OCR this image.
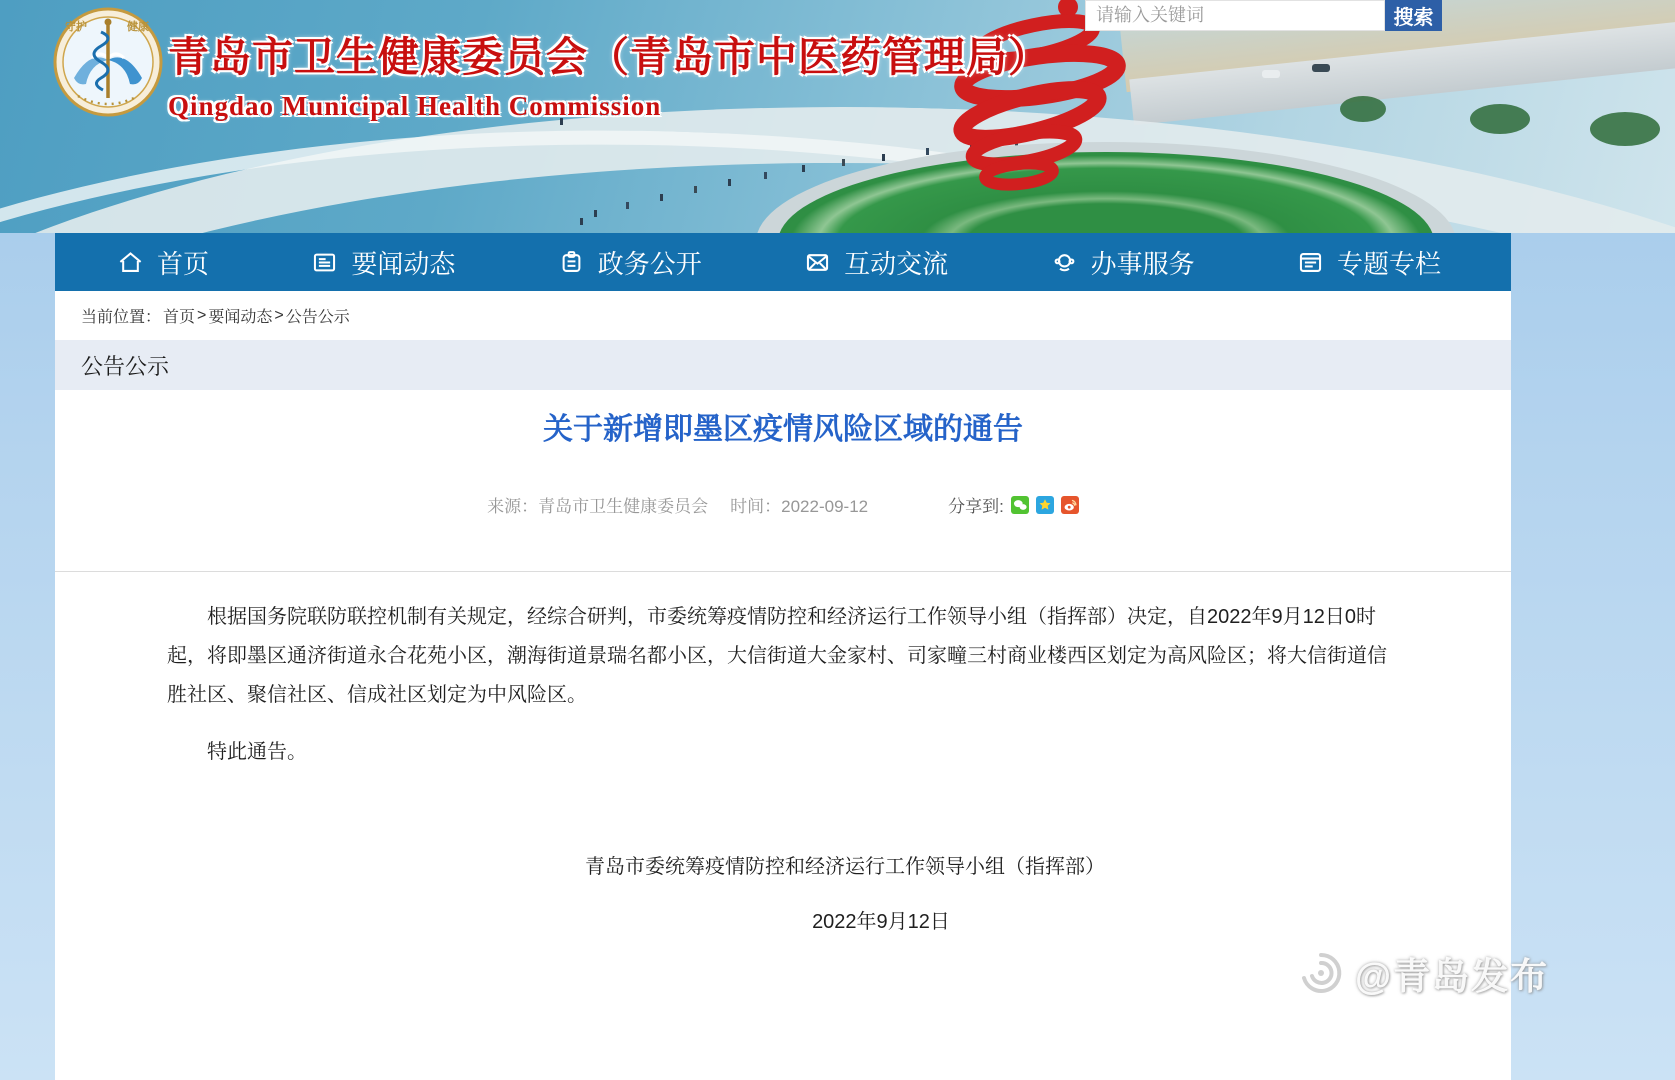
守护	健康
青岛市卫生健康委员会（青岛市中医药管理局）
Qingdao Municipal Health Commission
请输入关键词
搜索
首页	要闻动态	政务公开	互动交流	办事服务	专题专栏
当前位置： 首页 > 要闻动态 > 公告公示
公告公示
关于新增即墨区疫情风险区域的通告
来源：青岛市卫生健康委员会 时间：2022-09-12	分享到:

根据国务院联防联控机制有关规定，经综合研判，市委统筹疫情防控和经济运行工作领导小组（指挥部）决定，自2022年9月12日0时起，将即墨区通济街道永合花苑小区，潮海街道景瑞名都小区，大信街道大金家村、司家疃三村商业楼西区划定为高风险区；将大信街道信胜社区、聚信社区、信成社区划定为中风险区。

特此通告。

青岛市委统筹疫情防控和经济运行工作领导小组（指挥部）
2022年9月12日
@青岛发布
